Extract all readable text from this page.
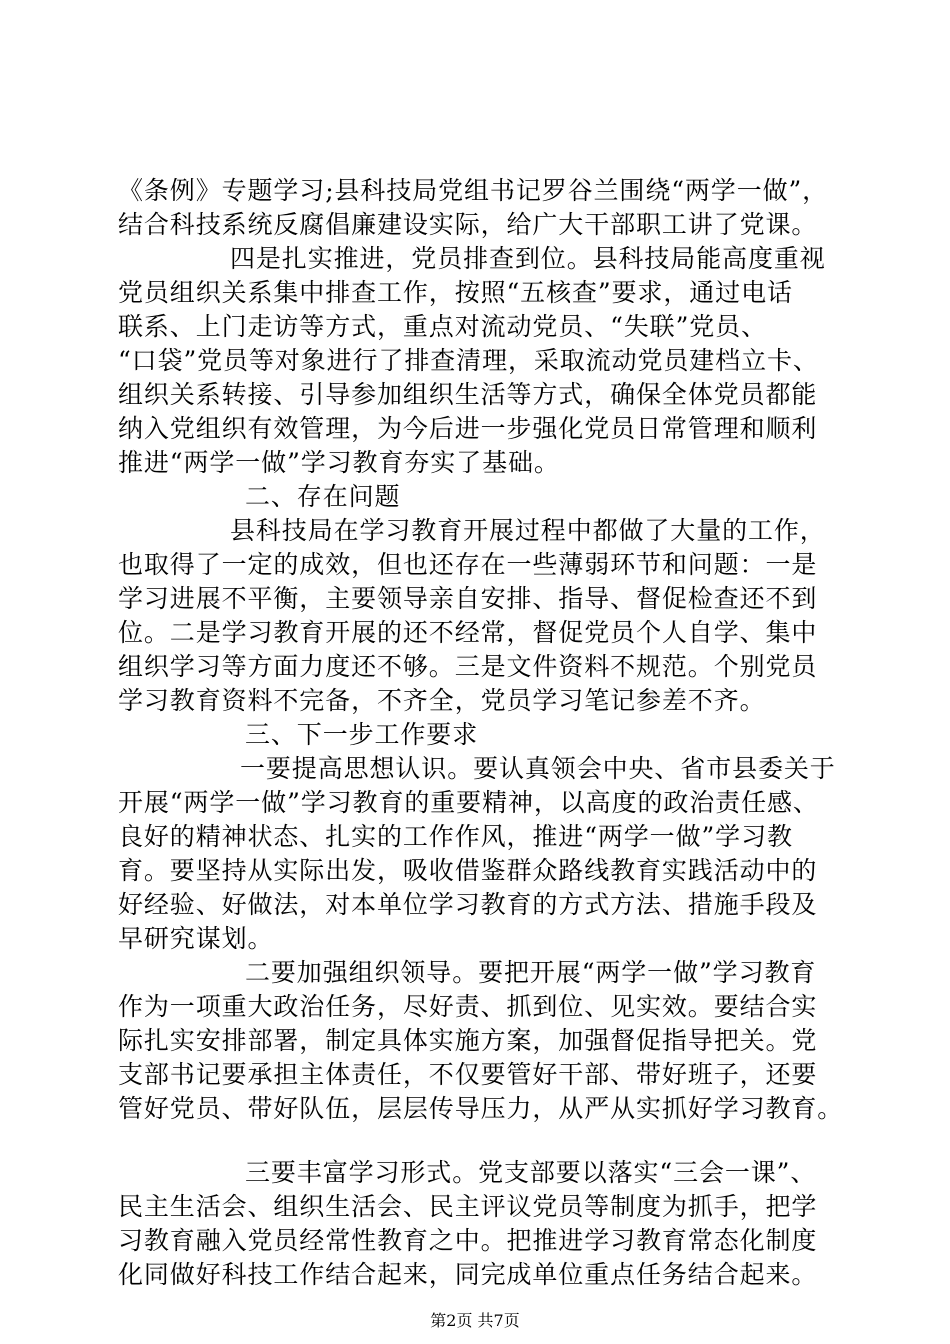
《条例》专题学习;县科技局党组书记罗谷兰围绕“两学一做”，
结合科技系统反腐倡廉建设实际，给广大干部职工讲了党课。
四是扎实推进，党员排查到位。县科技局能高度重视
党员组织关系集中排查工作，按照“五核查”要求，通过电话
联系、上门走访等方式，重点对流动党员、“失联”党员、
“口袋”党员等对象进行了排查清理，采取流动党员建档立卡、
组织关系转接、引导参加组织生活等方式，确保全体党员都能
纳入党组织有效管理，为今后进一步强化党员日常管理和顺利
推进“两学一做”学习教育夯实了基础。
二、存在问题
县科技局在学习教育开展过程中都做了大量的工作，
也取得了一定的成效，但也还存在一些薄弱环节和问题：一是
学习进展不平衡，主要领导亲自安排、指导、督促检查还不到
位。二是学习教育开展的还不经常，督促党员个人自学、集中
组织学习等方面力度还不够。三是文件资料不规范。个别党员
学习教育资料不完备，不齐全，党员学习笔记参差不齐。
三、下一步工作要求
一要提高思想认识。要认真领会中央、省市县委关于
开展“两学一做”学习教育的重要精神，以高度的政治责任感、
良好的精神状态、扎实的工作作风，推进“两学一做”学习教
育。要坚持从实际出发，吸收借鉴群众路线教育实践活动中的
好经验、好做法，对本单位学习教育的方式方法、措施手段及
早研究谋划。
二要加强组织领导。要把开展“两学一做”学习教育
作为一项重大政治任务，尽好责、抓到位、见实效。要结合实
际扎实安排部署，制定具体实施方案，加强督促指导把关。党
支部书记要承担主体责任，不仅要管好干部、带好班子，还要
管好党员、带好队伍，层层传导压力，从严从实抓好学习教育。
三要丰富学习形式。党支部要以落实“三会一课”、
民主生活会、组织生活会、民主评议党员等制度为抓手，把学
习教育融入党员经常性教育之中。把推进学习教育常态化制度
化同做好科技工作结合起来，同完成单位重点任务结合起来。
第2页 共7页
